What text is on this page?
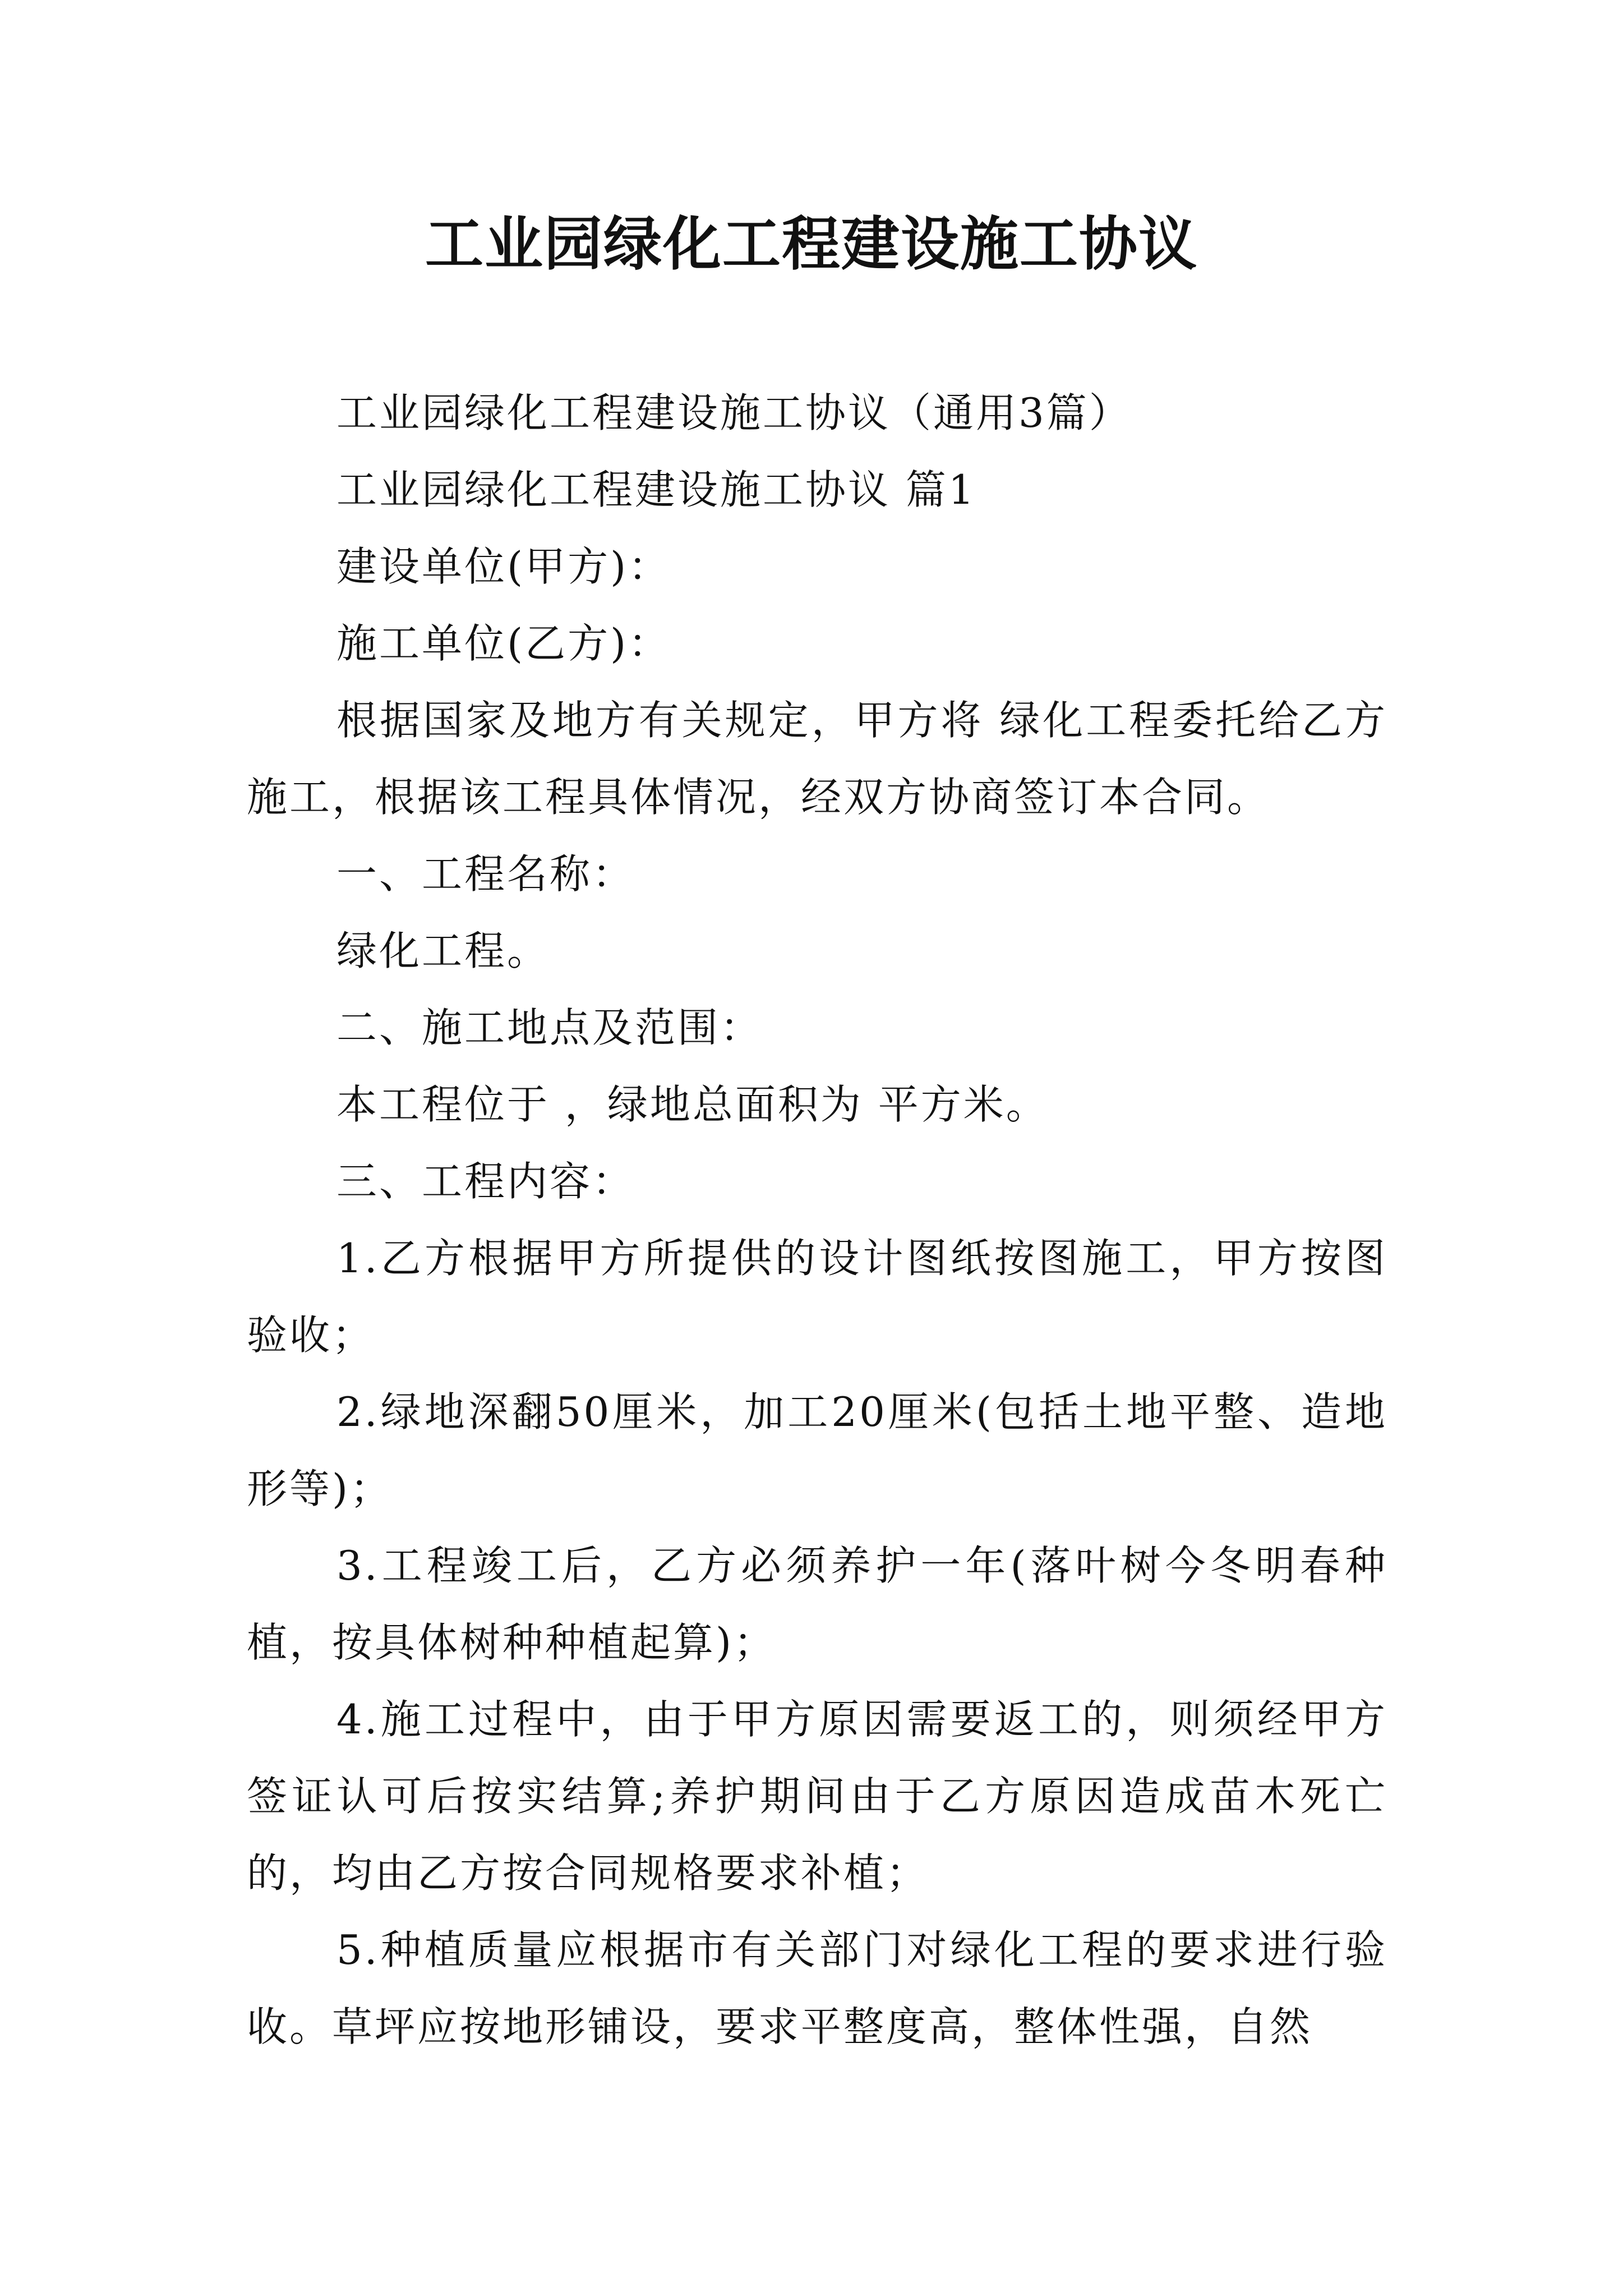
工业园绿化工程建设施工协议

工业园绿化工程建设施工协议（通用3篇）

工业园绿化工程建设施工协议 篇1

建设单位(甲方)：

施工单位(乙方)：

根据国家及地方有关规定，甲方将 绿化工程委托给乙方施工，根据该工程具体情况，经双方协商签订本合同。

一、工程名称：

绿化工程。

二、施工地点及范围：

本工程位于 ，绿地总面积为 平方米。

三、工程内容：

1.乙方根据甲方所提供的设计图纸按图施工，甲方按图验收；

2.绿地深翻50厘米，加工20厘米(包括土地平整、造地形等)；

3.工程竣工后，乙方必须养护一年(落叶树今冬明春种植，按具体树种种植起算)；

4.施工过程中，由于甲方原因需要返工的，则须经甲方签证认可后按实结算;养护期间由于乙方原因造成苗木死亡的，均由乙方按合同规格要求补植；

5.种植质量应根据市有关部门对绿化工程的要求进行验收。草坪应按地形铺设，要求平整度高，整体性强，自然
